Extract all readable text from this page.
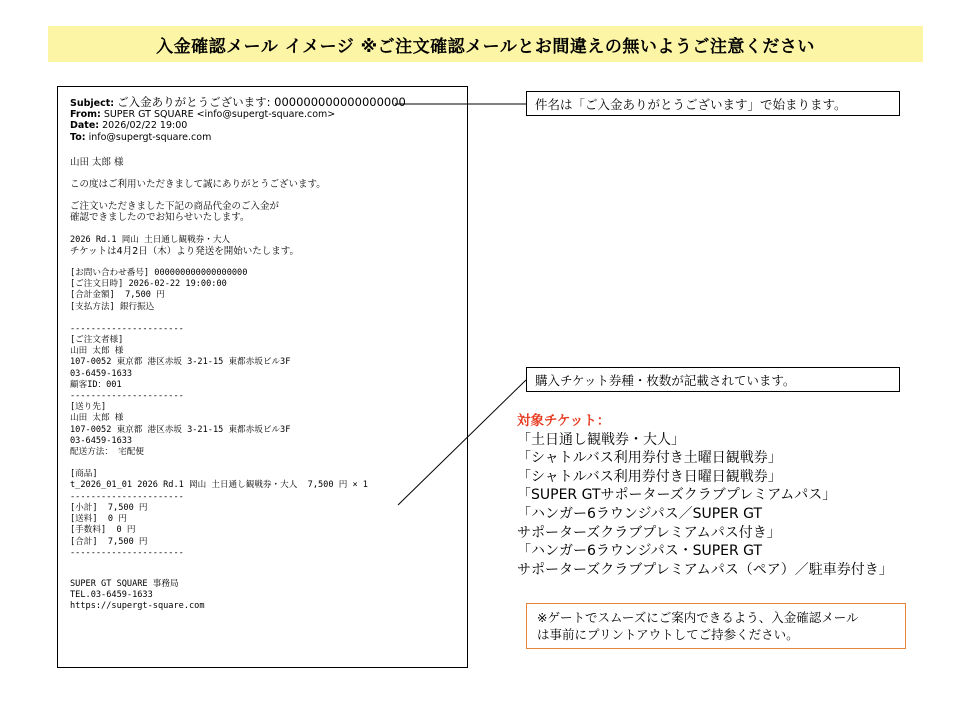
入金確認メール イメージ ※ご注文確認メールとお間違えの無いようご注意ください
Subject: ご入金ありがとうございます: 000000000000000000
From: SUPER GT SQUARE <info@supergt-square.com>
Date: 2026/02/22 19:00
To: info@supergt-square.com
山田 太郎 様
この度はご利用いただきまして誠にありがとうございます。
ご注文いただきました下記の商品代金のご入金が
確認できましたのでお知らせいたします。
2026 Rd.1 岡山 土日通し観戦券・大人
チケットは4月2日（木）より発送を開始いたします。
[お問い合わせ番号] 000000000000000000
[ご注文日時] 2026-02-22 19:00:00
[合計金額]  7,500 円
[支払方法] 銀行振込
----------------------
[ご注文者様]
山田 太郎 様
107-0052 東京都 港区赤坂 3-21-15 東都赤坂ビル3F
03-6459-1633
顧客ID：001
----------------------
[送り先]
山田 太郎 様
107-0052 東京都 港区赤坂 3-21-15 東都赤坂ビル3F
03-6459-1633
配送方法： 宅配便
[商品]
t_2026_01_01 2026 Rd.1 岡山 土日通し観戦券・大人  7,500 円 × 1
----------------------
[小計]  7,500 円
[送料]  0 円
[手数料]  0 円
[合計]  7,500 円
----------------------
SUPER GT SQUARE 事務局
TEL.03-6459-1633
https://supergt-square.com
件名は「ご入金ありがとうございます」で始まります。
購入チケット券種・枚数が記載されています。
対象チケット：
「土日通し観戦券・大人」
「シャトルバス利用券付き土曜日観戦券」
「シャトルバス利用券付き日曜日観戦券」
「SUPER GTサポーターズクラブプレミアムパス」
「ハンガー6ラウンジパス／SUPER GT
サポーターズクラブプレミアムパス付き」
「ハンガー6ラウンジパス・SUPER GT
サポーターズクラブプレミアムパス（ペア）／駐車券付き」
※ゲートでスムーズにご案内できるよう、入金確認メール
は事前にプリントアウトしてご持参ください。
